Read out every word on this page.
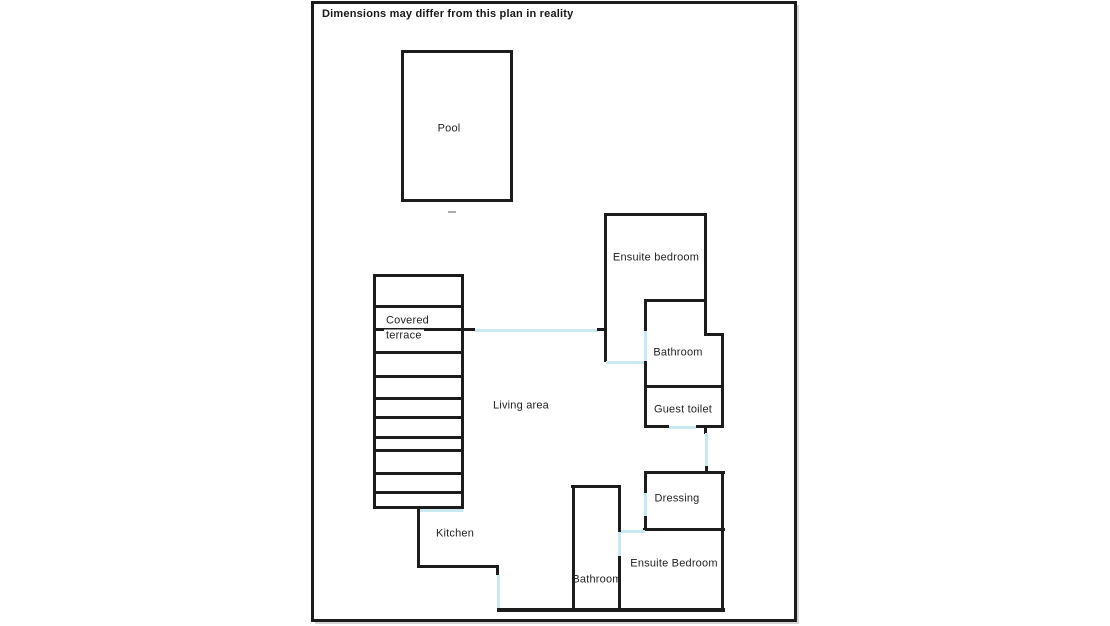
Dimensions may differ from this plan in reality
Pool
Covered
terrace
Ensuite bedroom
Bathroom
Guest toilet
Dressing
Ensuite Bedroom
Bathroom
Kitchen
Living area
